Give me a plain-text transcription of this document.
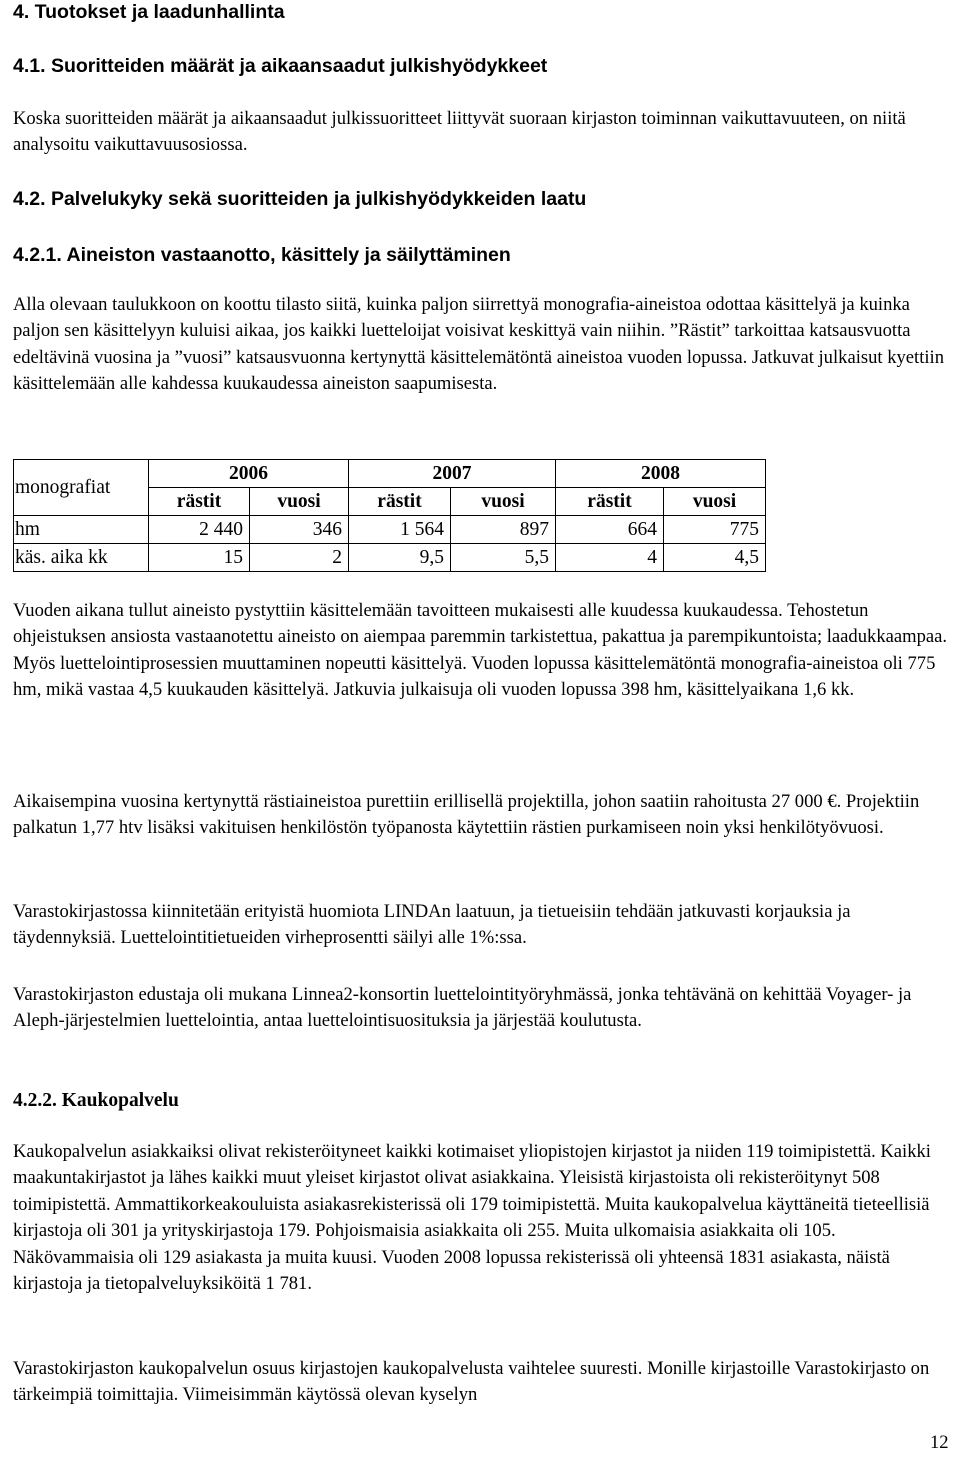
4. Tuotokset ja laadunhallinta
4.1. Suoritteiden määrät ja aikaansaadut julkishyödykkeet

Koska suoritteiden määrät ja aikaansaadut julkissuoritteet liittyvät suoraan kirjaston toiminnan vaikuttavuuteen, on niitä analysoitu vaikuttavuusosiossa.

4.2. Palvelukyky sekä suoritteiden ja julkishyödykkeiden laatu
4.2.1. Aineiston vastaanotto, käsittely ja säilyttäminen

Alla olevaan taulukkoon on koottu tilasto siitä, kuinka paljon siirrettyä monografia-aineistoa odottaa käsittelyä ja kuinka paljon sen käsittelyyn kuluisi aikaa, jos kaikki luetteloijat voisivat keskittyä vain niihin. ”Rästit” tarkoittaa katsausvuotta edeltävinä vuosina ja ”vuosi” katsausvuonna kertynyttä käsittelemätöntä aineistoa vuoden lopussa. Jatkuvat julkaisut kyettiin käsittelemään alle kahdessa kuukaudessa aineiston saapumisesta.

monografiat	2006		2007		2008	
	rästit	vuosi	rästit	vuosi	rästit	vuosi
hm	2 440	346	1 564	897	664	775
käs. aika kk	15	2	9,5	5,5	4	4,5

Vuoden aikana tullut aineisto pystyttiin käsittelemään tavoitteen mukaisesti alle kuudessa kuukaudessa. Tehostetun ohjeistuksen ansiosta vastaanotettu aineisto on aiempaa paremmin tarkistettua, pakattua ja parempikuntoista; laadukkaampaa. Myös luettelointiprosessien muuttaminen nopeutti käsittelyä. Vuoden lopussa käsittelemätöntä monografia-aineistoa oli 775 hm, mikä vastaa 4,5 kuukauden käsittelyä. Jatkuvia julkaisuja oli vuoden lopussa 398 hm, käsittelyaikana 1,6 kk.

Aikaisempina vuosina kertynyttä rästiaineistoa purettiin erillisellä projektilla, johon saatiin rahoitusta 27 000 €. Projektiin palkatun 1,77 htv lisäksi vakituisen henkilöstön työpanosta käytettiin rästien purkamiseen noin yksi henkilötyövuosi.

Varastokirjastossa kiinnitetään erityistä huomiota LINDAn laatuun, ja tietueisiin tehdään jatkuvasti korjauksia ja täydennyksiä. Luettelointitietueiden virheprosentti säilyi alle 1%:ssa.

Varastokirjaston edustaja oli mukana Linnea2-konsortin luettelointityöryhmässä, jonka tehtävänä on kehittää Voyager- ja Aleph-järjestelmien luettelointia, antaa luettelointisuosituksia ja järjestää koulutusta.

4.2.2. Kaukopalvelu

Kaukopalvelun asiakkaiksi olivat rekisteröityneet kaikki kotimaiset yliopistojen kirjastot ja niiden 119 toimipistettä. Kaikki maakuntakirjastot ja lähes kaikki muut yleiset kirjastot olivat asiakkaina. Yleisistä kirjastoista oli rekisteröitynyt 508 toimipistettä. Ammattikorkeakouluista asiakasrekisterissä oli 179 toimipistettä. Muita kaukopalvelua käyttäneitä tieteellisiä kirjastoja oli 301 ja yrityskirjastoja 179. Pohjoismaisia asiakkaita oli 255. Muita ulkomaisia asiakkaita oli 105. Näkövammaisia oli 129 asiakasta ja muita kuusi. Vuoden 2008 lopussa rekisterissä oli yhteensä 1831 asiakasta, näistä kirjastoja ja tietopalveluyksiköitä 1 781.

Varastokirjaston kaukopalvelun osuus kirjastojen kaukopalvelusta vaihtelee suuresti. Monille kirjastoille Varastokirjasto on tärkeimpiä toimittajia. Viimeisimmän käytössä olevan kyselyn

12
